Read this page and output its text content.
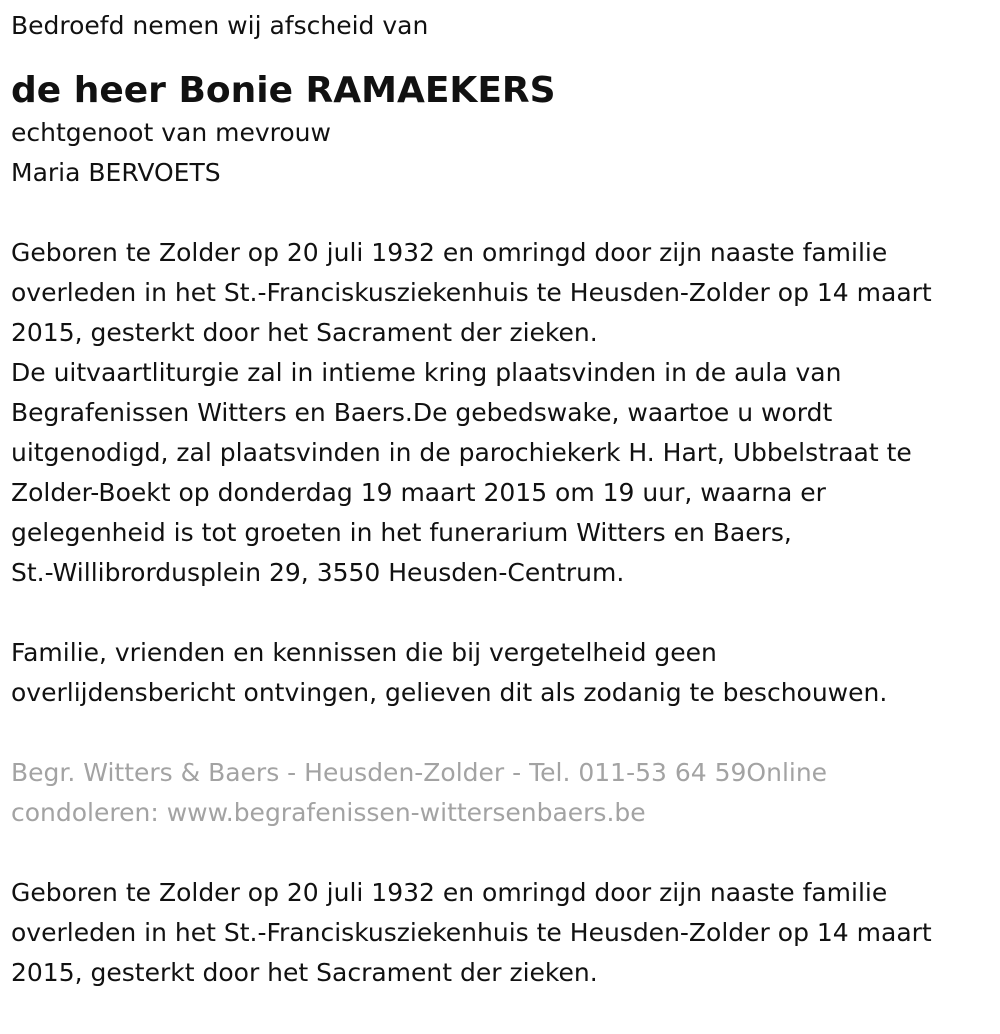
Bedroefd nemen wij afscheid van

de heer Bonie RAMAEKERS

echtgenoot van mevrouw
Maria BERVOETS

Geboren te Zolder op 20 juli 1932 en omringd door zijn naaste familie
overleden in het St.-Franciskusziekenhuis te Heusden-Zolder op 14 maart
2015, gesterkt door het Sacrament der zieken.
De uitvaartliturgie zal in intieme kring plaatsvinden in de aula van
Begrafenissen Witters en Baers.De gebedswake, waartoe u wordt
uitgenodigd, zal plaatsvinden in de parochiekerk H. Hart, Ubbelstraat te
Zolder-Boekt op donderdag 19 maart 2015 om 19 uur, waarna er
gelegenheid is tot groeten in het funerarium Witters en Baers,
St.-Willibrordusplein 29, 3550 Heusden-Centrum.

Familie, vrienden en kennissen die bij vergetelheid geen
overlijdensbericht ontvingen, gelieven dit als zodanig te beschouwen.

Begr. Witters & Baers - Heusden-Zolder - Tel. 011-53 64 59Online
condoleren: www.begrafenissen-wittersenbaers.be

Geboren te Zolder op 20 juli 1932 en omringd door zijn naaste familie
overleden in het St.-Franciskusziekenhuis te Heusden-Zolder op 14 maart
2015, gesterkt door het Sacrament der zieken.
